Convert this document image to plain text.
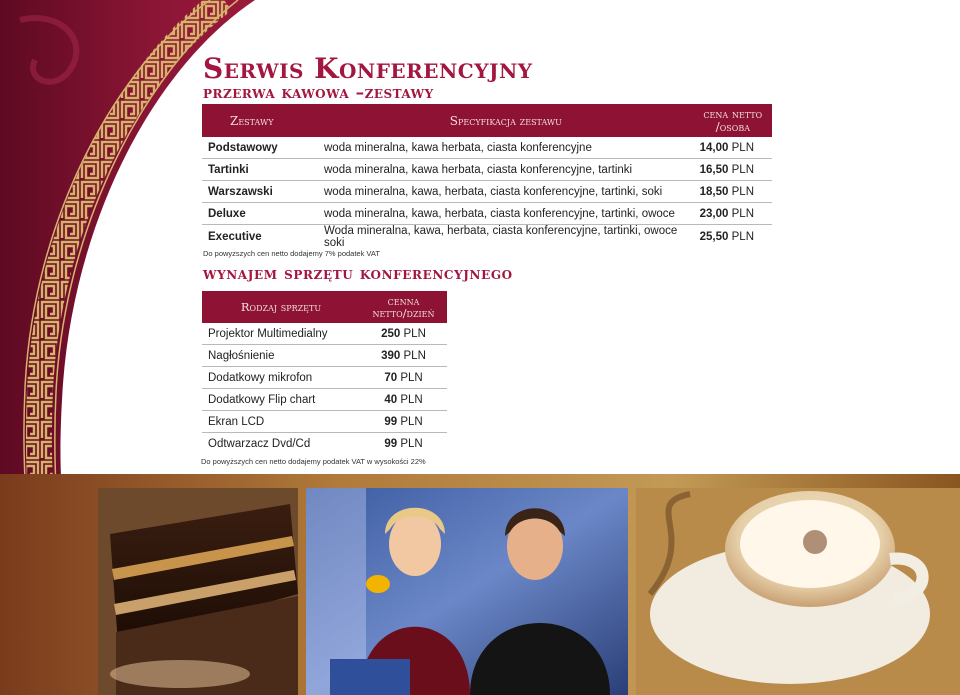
Serwis Konferencyjny
przerwa kawowa –zestawy
Zestawy	Specyfikacja zestawu	cena netto
/osoba
Podstawowy	woda mineralna, kawa herbata, ciasta konferencyjne	14,00 PLN
Tartinki	woda mineralna, kawa herbata, ciasta konferencyjne, tartinki	16,50 PLN
Warszawski	woda mineralna, kawa, herbata, ciasta konferencyjne, tartinki, soki	18,50 PLN
Deluxe	woda mineralna, kawa, herbata, ciasta konferencyjne, tartinki, owoce	23,00 PLN
Executive	Woda mineralna, kawa, herbata, ciasta konferencyjne, tartinki, owoce soki	25,50 PLN

Do powyzszych cen netto dodajemy 7% podatek VAT

wynajem sprzętu konferencyjnego
Rodzaj sprzętu	cenna
netto/dzień
Projektor Multimedialny	250 PLN
Nagłośnienie	390 PLN
Dodatkowy mikrofon	70 PLN
Dodatkowy Flip chart	40 PLN
Ekran LCD	99 PLN
Odtwarzacz Dvd/Cd	99 PLN

Do powyższych cen netto dodajemy podatek VAT w wysokości 22%
